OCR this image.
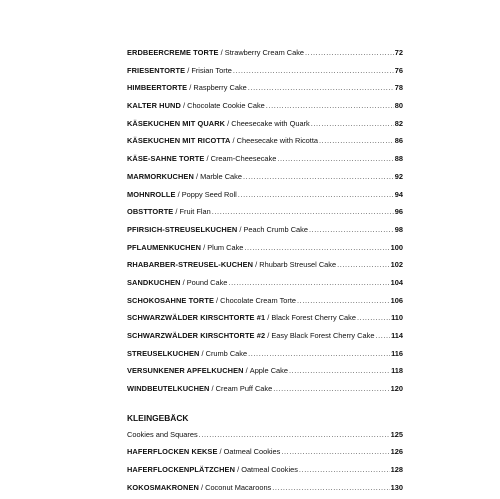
ERDBEERCREME TORTE / Strawberry Cream Cake .....	72
FRIESENTORTE / Frisian Torte .....	76
HIMBEERTORTE / Raspberry Cake .....	78
KALTER HUND / Chocolate Cookie Cake .....	80
KÄSEKUCHEN MIT QUARK / Cheesecake with Quark .....	82
KÄSEKUCHEN MIT RICOTTA / Cheesecake with Ricotta .....	86
KÄSE-SAHNE TORTE / Cream-Cheesecake .....	88
MARMORKUCHEN / Marble Cake .....	92
MOHNROLLE / Poppy Seed Roll .....	94
OBSTTORTE / Fruit Flan .....	96
PFIRSICH-STREUSELKUCHEN / Peach Crumb Cake .....	98
PFLAUMENKUCHEN / Plum Cake .....	100
RHABARBER-STREUSEL-KUCHEN / Rhubarb Streusel Cake .....	102
SANDKUCHEN / Pound Cake .....	104
SCHOKOSAHNE TORTE / Chocolate Cream Torte .....	106
SCHWARZWÄLDER KIRSCHTORTE #1 / Black Forest Cherry Cake .....	110
SCHWARZWÄLDER KIRSCHTORTE #2 / Easy Black Forest Cherry Cake ..... 114
STREUSELKUCHEN / Crumb Cake .....	116
VERSUNKENER APFELKUCHEN / Apple Cake .....	118
WINDBEUTELKUCHEN / Cream Puff Cake .....	120
KLEINGEBÄCK
Cookies and Squares .....	125
HAFERFLOCKEN KEKSE / Oatmeal Cookies .....	126
HAFERFLOCKENPLÄTZCHEN / Oatmeal Cookies .....	128
KOKOSMAKRONEN / Coconut Macaroons .....	130
